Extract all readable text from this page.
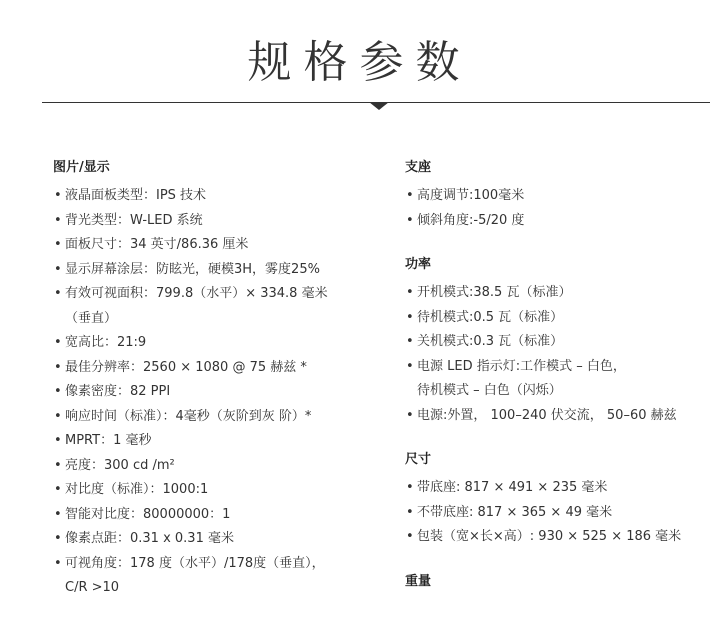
规格参数
图片/显示
• 液晶面板类型：IPS 技术
• 背光类型：W-LED 系统
• 面板尺寸：34 英寸/86.36 厘米
• 显示屏幕涂层：防眩光，硬模3H，雾度25%
• 有效可视面积：799.8（水平）× 334.8 毫米
（垂直）
• 宽高比：21:9
• 最佳分辨率：2560 × 1080 @ 75 赫兹 *
• 像素密度：82 PPI
• 响应时间（标准）：4毫秒（灰阶到灰 阶）*
• MPRT：1 毫秒
• 亮度：300 cd /m²
• 对比度（标准）：1000:1
• 智能对比度：80000000：1
• 像素点距：0.31 x 0.31 毫米
• 可视角度：178 度（水平）/178度（垂直），
C/R >10
支座
• 高度调节:100毫米
• 倾斜角度:-5/20 度
功率
• 开机模式:38.5 瓦（标准）
• 待机模式:0.5 瓦（标准）
• 关机模式:0.3 瓦（标准）
• 电源 LED 指示灯:工作模式 – 白色，
待机模式 – 白色（闪烁）
• 电源:外置， 100–240 伏交流， 50–60 赫兹
尺寸
• 带底座: 817 × 491 × 235 毫米
• 不带底座: 817 × 365 × 49 毫米
• 包装（宽×长×高）: 930 × 525 × 186 毫米
重量
